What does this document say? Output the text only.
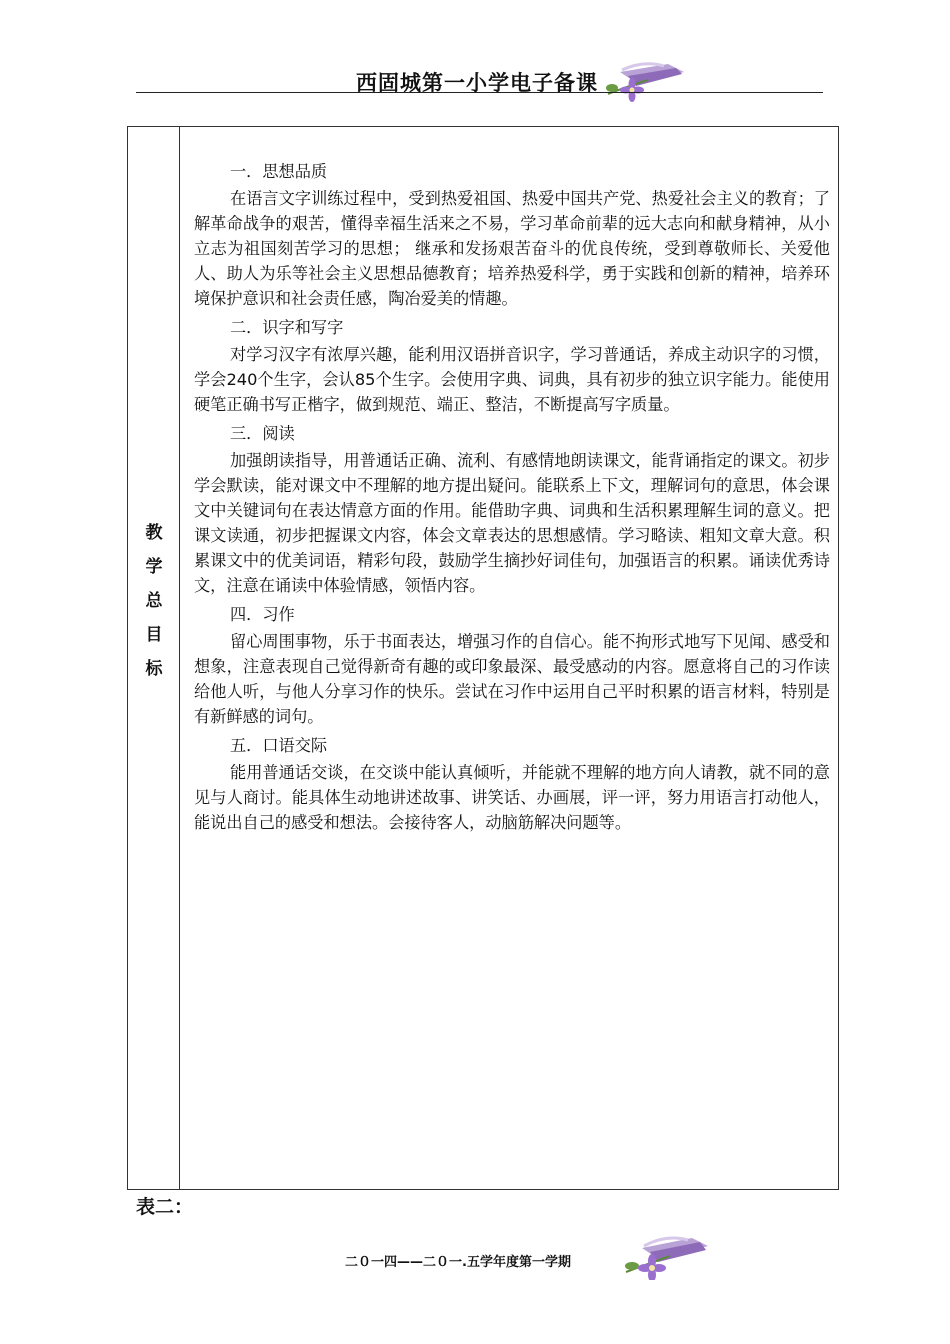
西固城第一小学电子备课
教
学
总
目
标
一．思想品质

在语言文字训练过程中，受到热爱祖国、热爱中国共产党、热爱社会主义的教育；了解革命战争的艰苦，懂得幸福生活来之不易，学习革命前辈的远大志向和献身精神，从小立志为祖国刻苦学习的思想； 继承和发扬艰苦奋斗的优良传统，受到尊敬师长、关爱他人、助人为乐等社会主义思想品德教育；培养热爱科学，勇于实践和创新的精神，培养环境保护意识和社会责任感，陶冶爱美的情趣。

二．识字和写字

对学习汉字有浓厚兴趣，能利用汉语拼音识字，学习普通话，养成主动识字的习惯，学会240个生字，会认85个生字。会使用字典、词典，具有初步的独立识字能力。能使用硬笔正确书写正楷字，做到规范、端正、整洁，不断提高写字质量。

三．阅读

加强朗读指导，用普通话正确、流利、有感情地朗读课文，能背诵指定的课文。初步学会默读，能对课文中不理解的地方提出疑问。能联系上下文，理解词句的意思，体会课文中关键词句在表达情意方面的作用。能借助字典、词典和生活积累理解生词的意义。把课文读通，初步把握课文内容，体会文章表达的思想感情。学习略读、粗知文章大意。积累课文中的优美词语，精彩句段，鼓励学生摘抄好词佳句，加强语言的积累。诵读优秀诗文，注意在诵读中体验情感，领悟内容。

四．习作

留心周围事物，乐于书面表达，增强习作的自信心。能不拘形式地写下见闻、感受和想象，注意表现自己觉得新奇有趣的或印象最深、最受感动的内容。愿意将自己的习作读给他人听，与他人分享习作的快乐。尝试在习作中运用自己平时积累的语言材料，特别是有新鲜感的词句。

五．口语交际

能用普通话交谈，在交谈中能认真倾听，并能就不理解的地方向人请教，就不同的意见与人商讨。能具体生动地讲述故事、讲笑话、办画展，评一评，努力用语言打动他人，能说出自己的感受和想法。会接待客人，动脑筋解决问题等。

表二：
二０一四——二０一.五学年度第一学期
